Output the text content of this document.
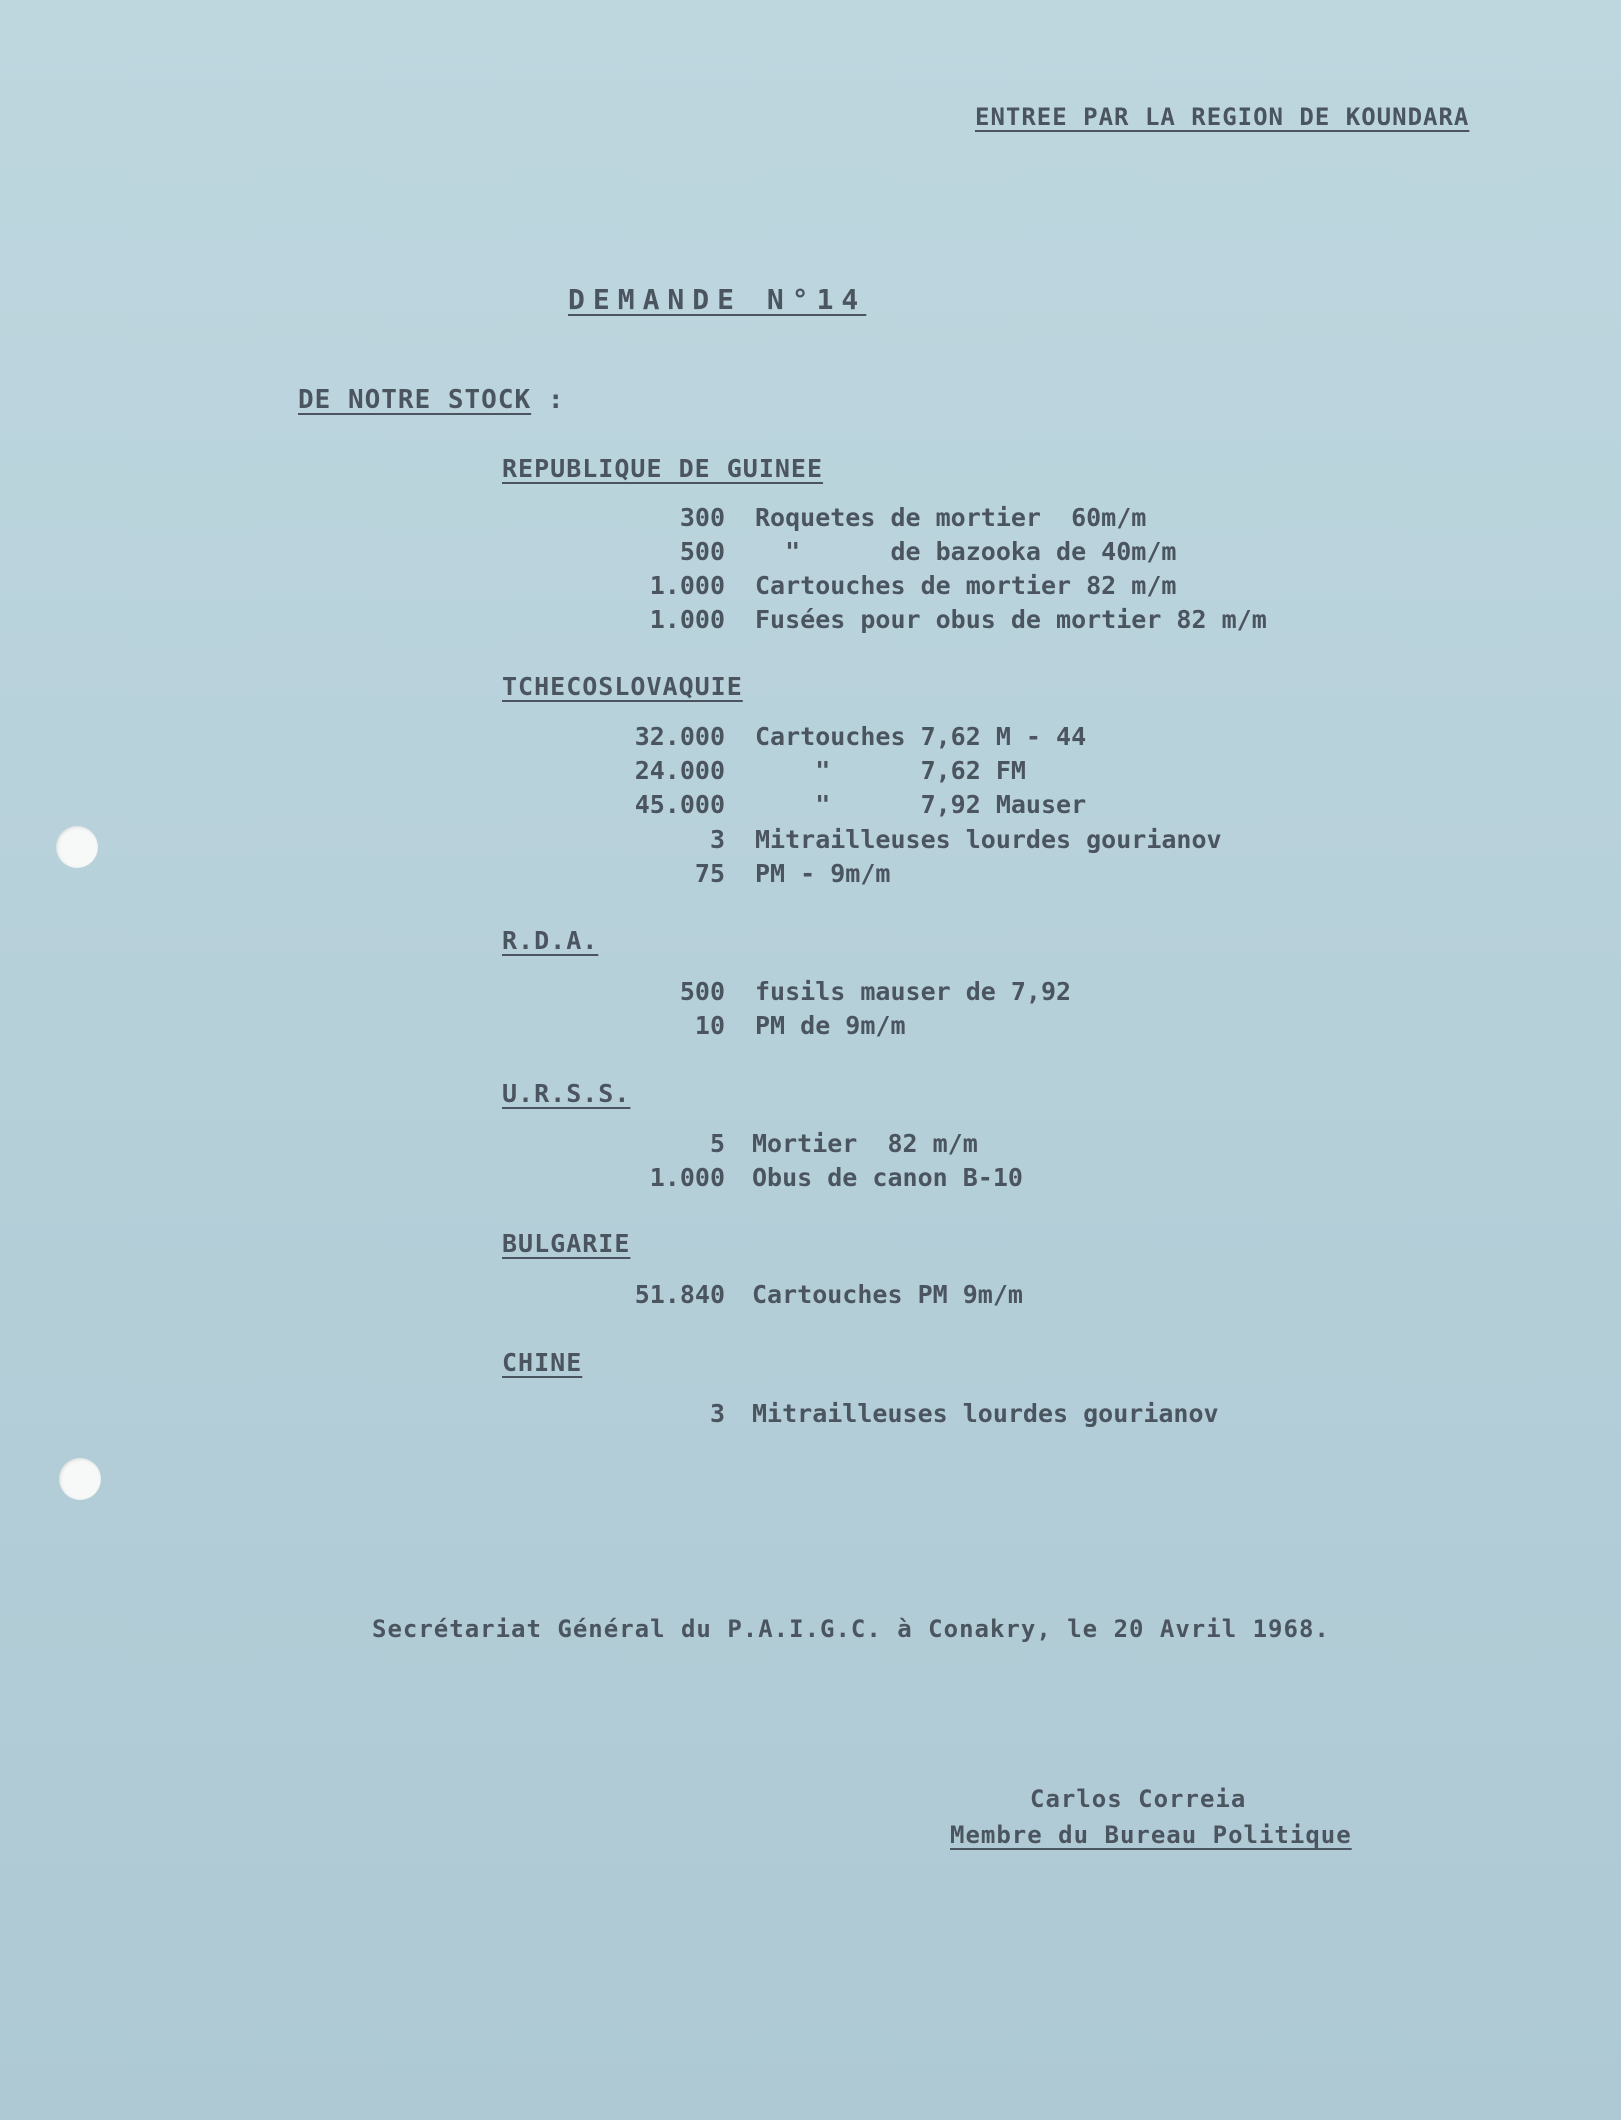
ENTREE PAR LA REGION DE KOUNDARA
DEMANDE N°14
DE NOTRE STOCK :
REPUBLIQUE DE GUINEE
300 Roquetes de mortier  60m/m
500 "      de bazooka de 40m/m
1.000 Cartouches de mortier 82 m/m
1.000 Fusées pour obus de mortier 82 m/m
TCHECOSLOVAQUIE
32.000 Cartouches 7,62 M - 44
24.000 "      7,62 FM
45.000 "      7,92 Mauser
3 Mitrailleuses lourdes gourianov
75 PM - 9m/m
R.D.A.
500 fusils mauser de 7,92
10 PM de 9m/m
U.R.S.S.
5 Mortier  82 m/m
1.000 Obus de canon B-10
BULGARIE
51.840 Cartouches PM 9m/m
CHINE
3 Mitrailleuses lourdes gourianov
Secrétariat Général du P.A.I.G.C. à Conakry, le 20 Avril 1968.
Carlos Correia
Membre du Bureau Politique
